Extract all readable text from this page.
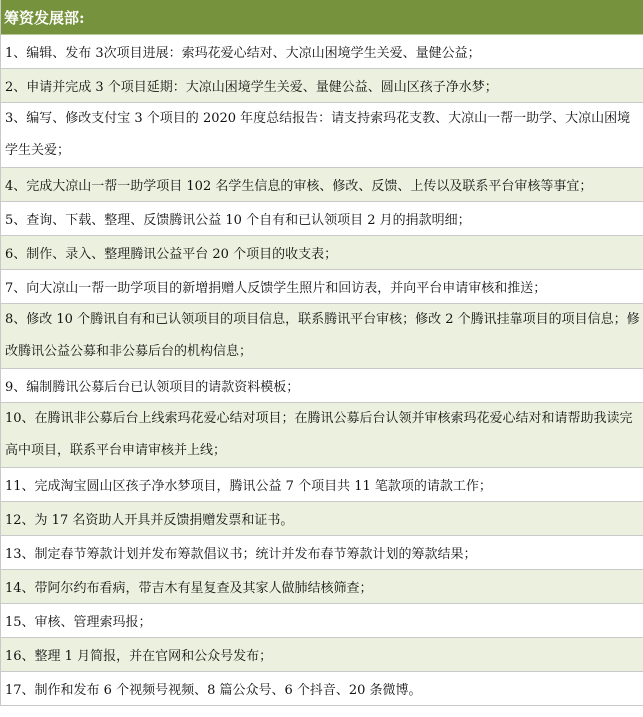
筹资发展部:
1、编辑、发布 3次项目进展：索玛花爱心结对、大凉山困境学生关爱、量健公益；
2、申请并完成 3 个项目延期：大凉山困境学生关爱、量健公益、圆山区孩子净水梦；
3、编写、修改支付宝 3 个项目的 2020 年度总结报告：请支持索玛花支教、大凉山一帮一助学、大凉山困境学生关爱；
4、完成大凉山一帮一助学项目 102 名学生信息的审核、修改、反馈、上传以及联系平台审核等事宜；
5、查询、下载、整理、反馈腾讯公益 10 个自有和已认领项目 2 月的捐款明细；
6、制作、录入、整理腾讯公益平台 20 个项目的收支表；
7、向大凉山一帮一助学项目的新增捐赠人反馈学生照片和回访表，并向平台申请审核和推送；
8、修改 10 个腾讯自有和已认领项目的项目信息，联系腾讯平台审核；修改 2 个腾讯挂靠项目的项目信息；修改腾讯公益公募和非公募后台的机构信息；
9、编制腾讯公募后台已认领项目的请款资料模板；
10、在腾讯非公募后台上线索玛花爱心结对项目；在腾讯公募后台认领并审核索玛花爱心结对和请帮助我读完高中项目，联系平台申请审核并上线；
11、完成淘宝圆山区孩子净水梦项目，腾讯公益 7 个项目共 11 笔款项的请款工作；
12、为 17 名资助人开具并反馈捐赠发票和证书。
13、制定春节筹款计划并发布筹款倡议书；统计并发布春节筹款计划的筹款结果；
14、带阿尔约布看病，带吉木有星复查及其家人做肺结核筛查；
15、审核、管理索玛报；
16、整理 1 月简报，并在官网和公众号发布；
17、制作和发布 6 个视频号视频、8 篇公众号、6 个抖音、20 条微博。
